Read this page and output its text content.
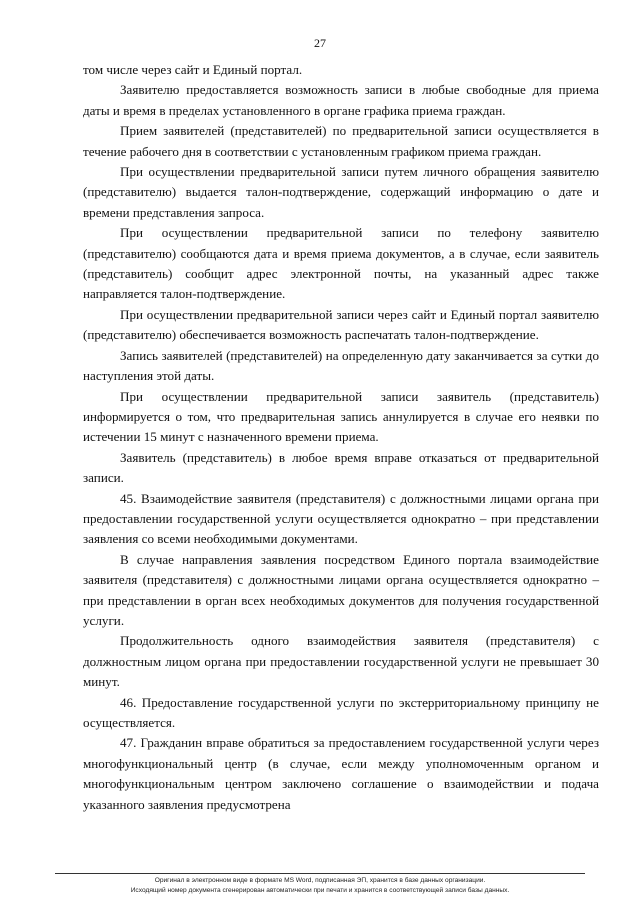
27

том числе через сайт и Единый портал.

Заявителю предоставляется возможность записи в любые свободные для приема даты и время в пределах установленного в органе графика приема граждан.

Прием заявителей (представителей) по предварительной записи осуществляется в течение рабочего дня в соответствии с установленным графиком приема граждан.

При осуществлении предварительной записи путем личного обращения заявителю (представителю) выдается талон-подтверждение, содержащий информацию о дате и времени представления запроса.

При осуществлении предварительной записи по телефону заявителю (представителю) сообщаются дата и время приема документов, а в случае, если заявитель (представитель) сообщит адрес электронной почты, на указанный адрес также направляется талон-подтверждение.

При осуществлении предварительной записи через сайт и Единый портал заявителю (представителю) обеспечивается возможность распечатать талон-подтверждение.

Запись заявителей (представителей) на определенную дату заканчивается за сутки до наступления этой даты.

При осуществлении предварительной записи заявитель (представитель) информируется о том, что предварительная запись аннулируется в случае его неявки по истечении 15 минут с назначенного времени приема.

Заявитель (представитель) в любое время вправе отказаться от предварительной записи.

45. Взаимодействие заявителя (представителя) с должностными лицами органа при предоставлении государственной услуги осуществляется однократно – при представлении заявления со всеми необходимыми документами.

В случае направления заявления посредством Единого портала взаимодействие заявителя (представителя) с должностными лицами органа осуществляется однократно – при представлении в орган всех необходимых документов для получения государственной услуги.

Продолжительность одного взаимодействия заявителя (представителя) с должностным лицом органа при предоставлении государственной услуги не превышает 30 минут.

46. Предоставление государственной услуги по экстерриториальному принципу не осуществляется.

47. Гражданин вправе обратиться за предоставлением государственной услуги через многофункциональный центр (в случае, если между уполномоченным органом и многофункциональным центром заключено соглашение о взаимодействии и подача указанного заявления предусмотрена

Оригинал в электронном виде в формате MS Word, подписанная ЭП, хранится в базе данных организации.
Исходящий номер документа сгенерирован автоматически при печати и хранится в соответствующей записи базы данных.
